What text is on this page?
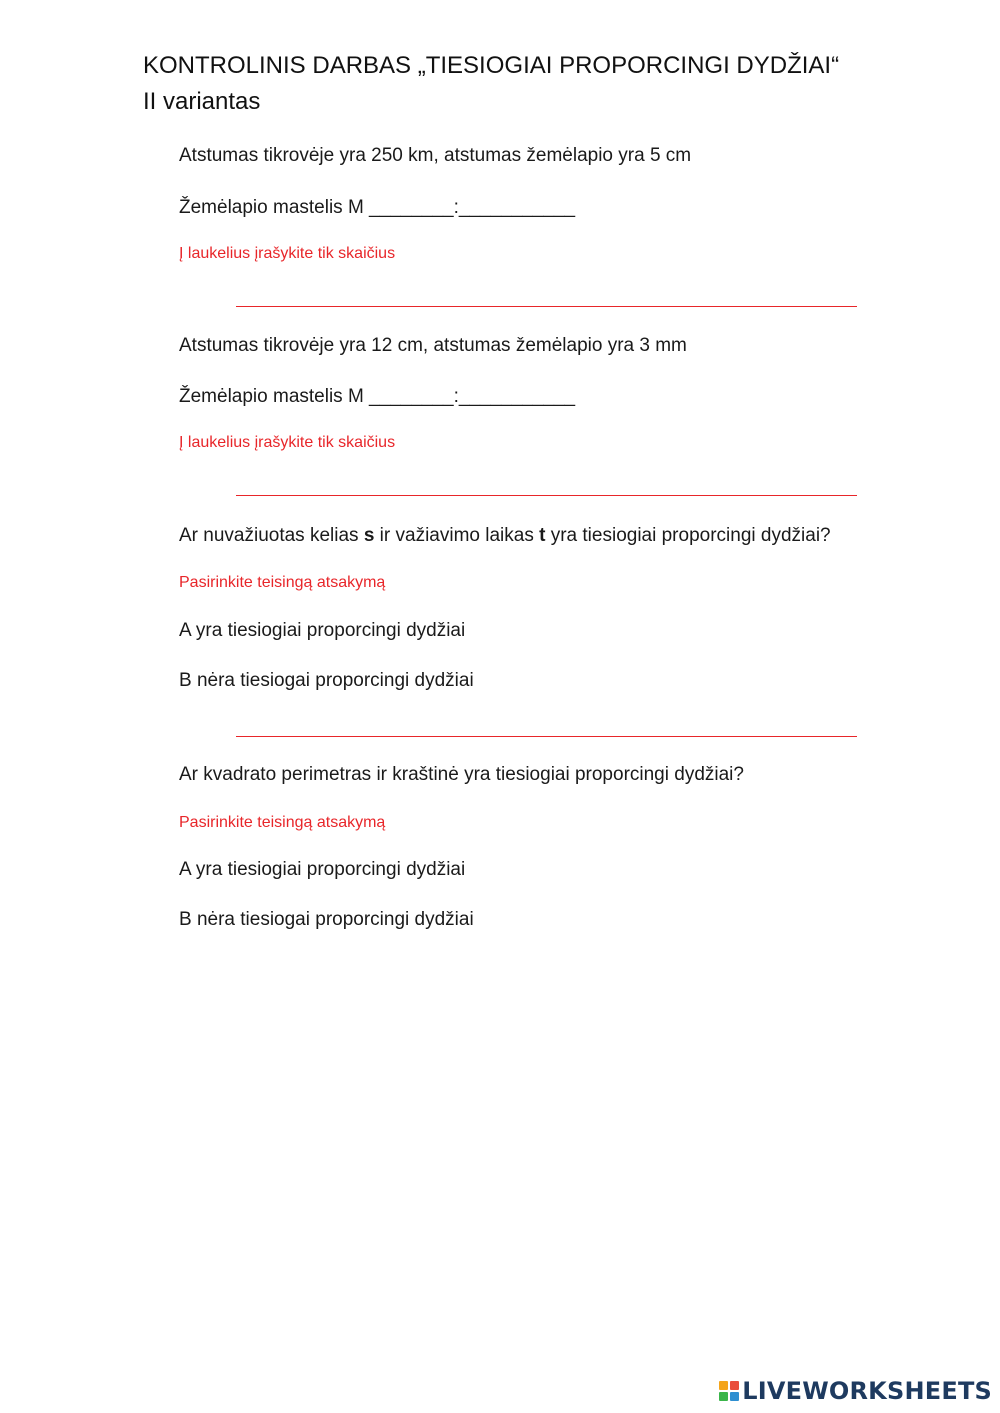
KONTROLINIS DARBAS „TIESIOGIAI PROPORCINGI DYDŽIAI“
II variantas
Atstumas tikrovėje yra 250 km, atstumas žemėlapio yra 5 cm
Žemėlapio mastelis M ________:___________
Į laukelius įrašykite tik skaičius
Atstumas tikrovėje yra 12 cm, atstumas žemėlapio yra 3 mm
Žemėlapio mastelis M ________:___________
Į laukelius įrašykite tik skaičius
Ar nuvažiuotas kelias s ir važiavimo laikas t yra tiesiogiai proporcingi dydžiai?
Pasirinkite teisingą atsakymą
A yra tiesiogiai proporcingi dydžiai
B nėra tiesiogai proporcingi dydžiai
Ar kvadrato perimetras ir kraštinė yra tiesiogiai proporcingi dydžiai?
Pasirinkite teisingą atsakymą
A yra tiesiogiai proporcingi dydžiai
B nėra tiesiogai proporcingi dydžiai
LIVEWORKSHEETS
